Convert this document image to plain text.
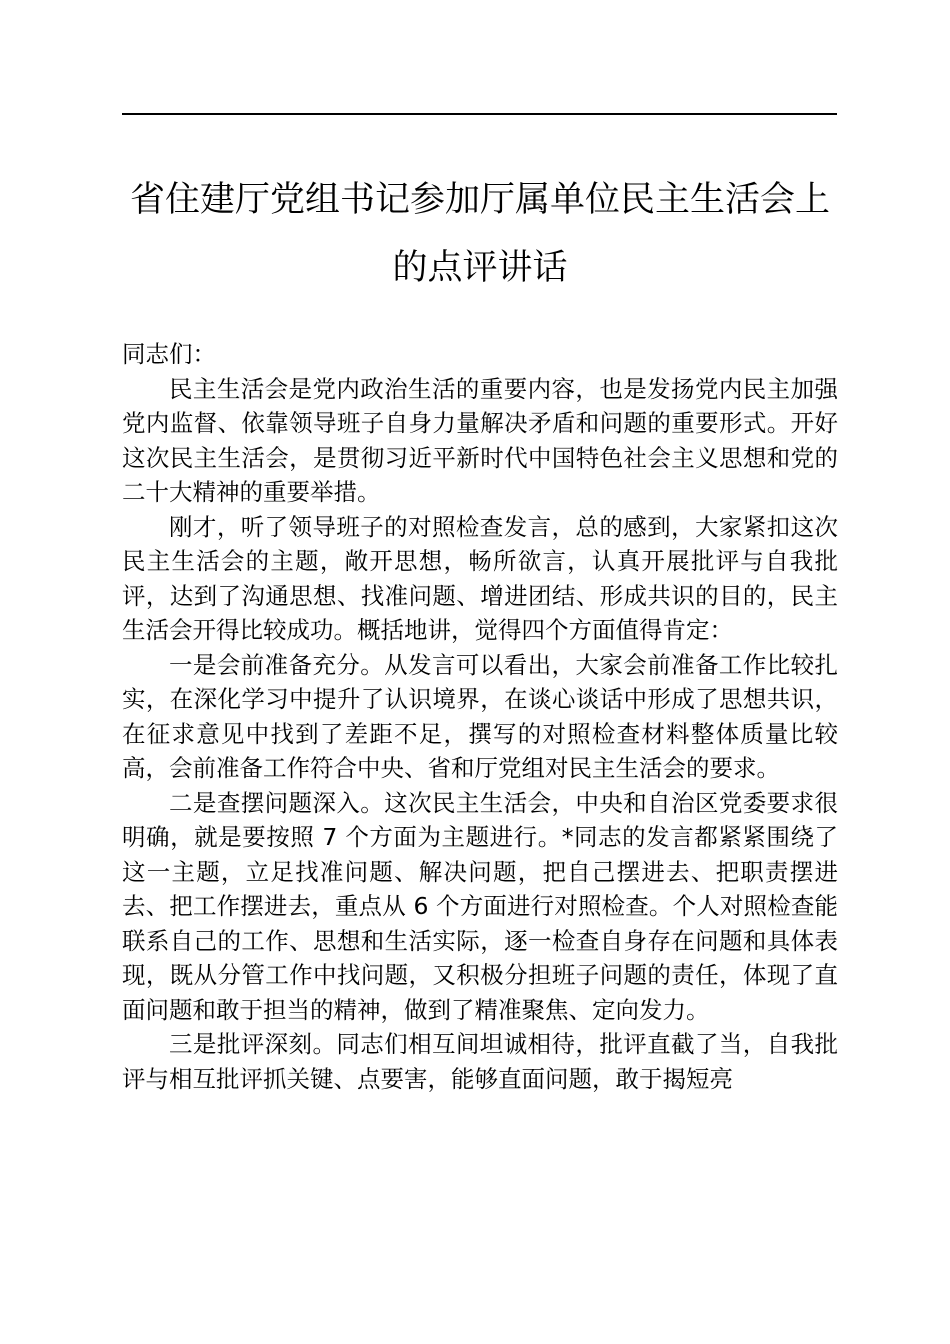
省住建厅党组书记参加厅属单位民主生活会上
的点评讲话

同志们：

民主生活会是党内政治生活的重要内容，也是发扬党内民主加强党内监督、依靠领导班子自身力量解决矛盾和问题的重要形式。开好这次民主生活会，是贯彻习近平新时代中国特色社会主义思想和党的二十大精神的重要举措。

刚才，听了领导班子的对照检查发言，总的感到，大家紧扣这次民主生活会的主题，敞开思想，畅所欲言，认真开展批评与自我批评，达到了沟通思想、找准问题、增进团结、形成共识的目的，民主生活会开得比较成功。概括地讲，觉得四个方面值得肯定：

一是会前准备充分。从发言可以看出，大家会前准备工作比较扎实，在深化学习中提升了认识境界，在谈心谈话中形成了思想共识，在征求意见中找到了差距不足，撰写的对照检查材料整体质量比较高，会前准备工作符合中央、省和厅党组对民主生活会的要求。

二是查摆问题深入。这次民主生活会，中央和自治区党委要求很明确，就是要按照 7 个方面为主题进行。*同志的发言都紧紧围绕了这一主题，立足找准问题、解决问题，把自己摆进去、把职责摆进去、把工作摆进去，重点从 6 个方面进行对照检查。个人对照检查能联系自己的工作、思想和生活实际，逐一检查自身存在问题和具体表现，既从分管工作中找问题，又积极分担班子问题的责任，体现了直面问题和敢于担当的精神，做到了精准聚焦、定向发力。

三是批评深刻。同志们相互间坦诚相待，批评直截了当，自我批评与相互批评抓关键、点要害，能够直面问题，敢于揭短亮
